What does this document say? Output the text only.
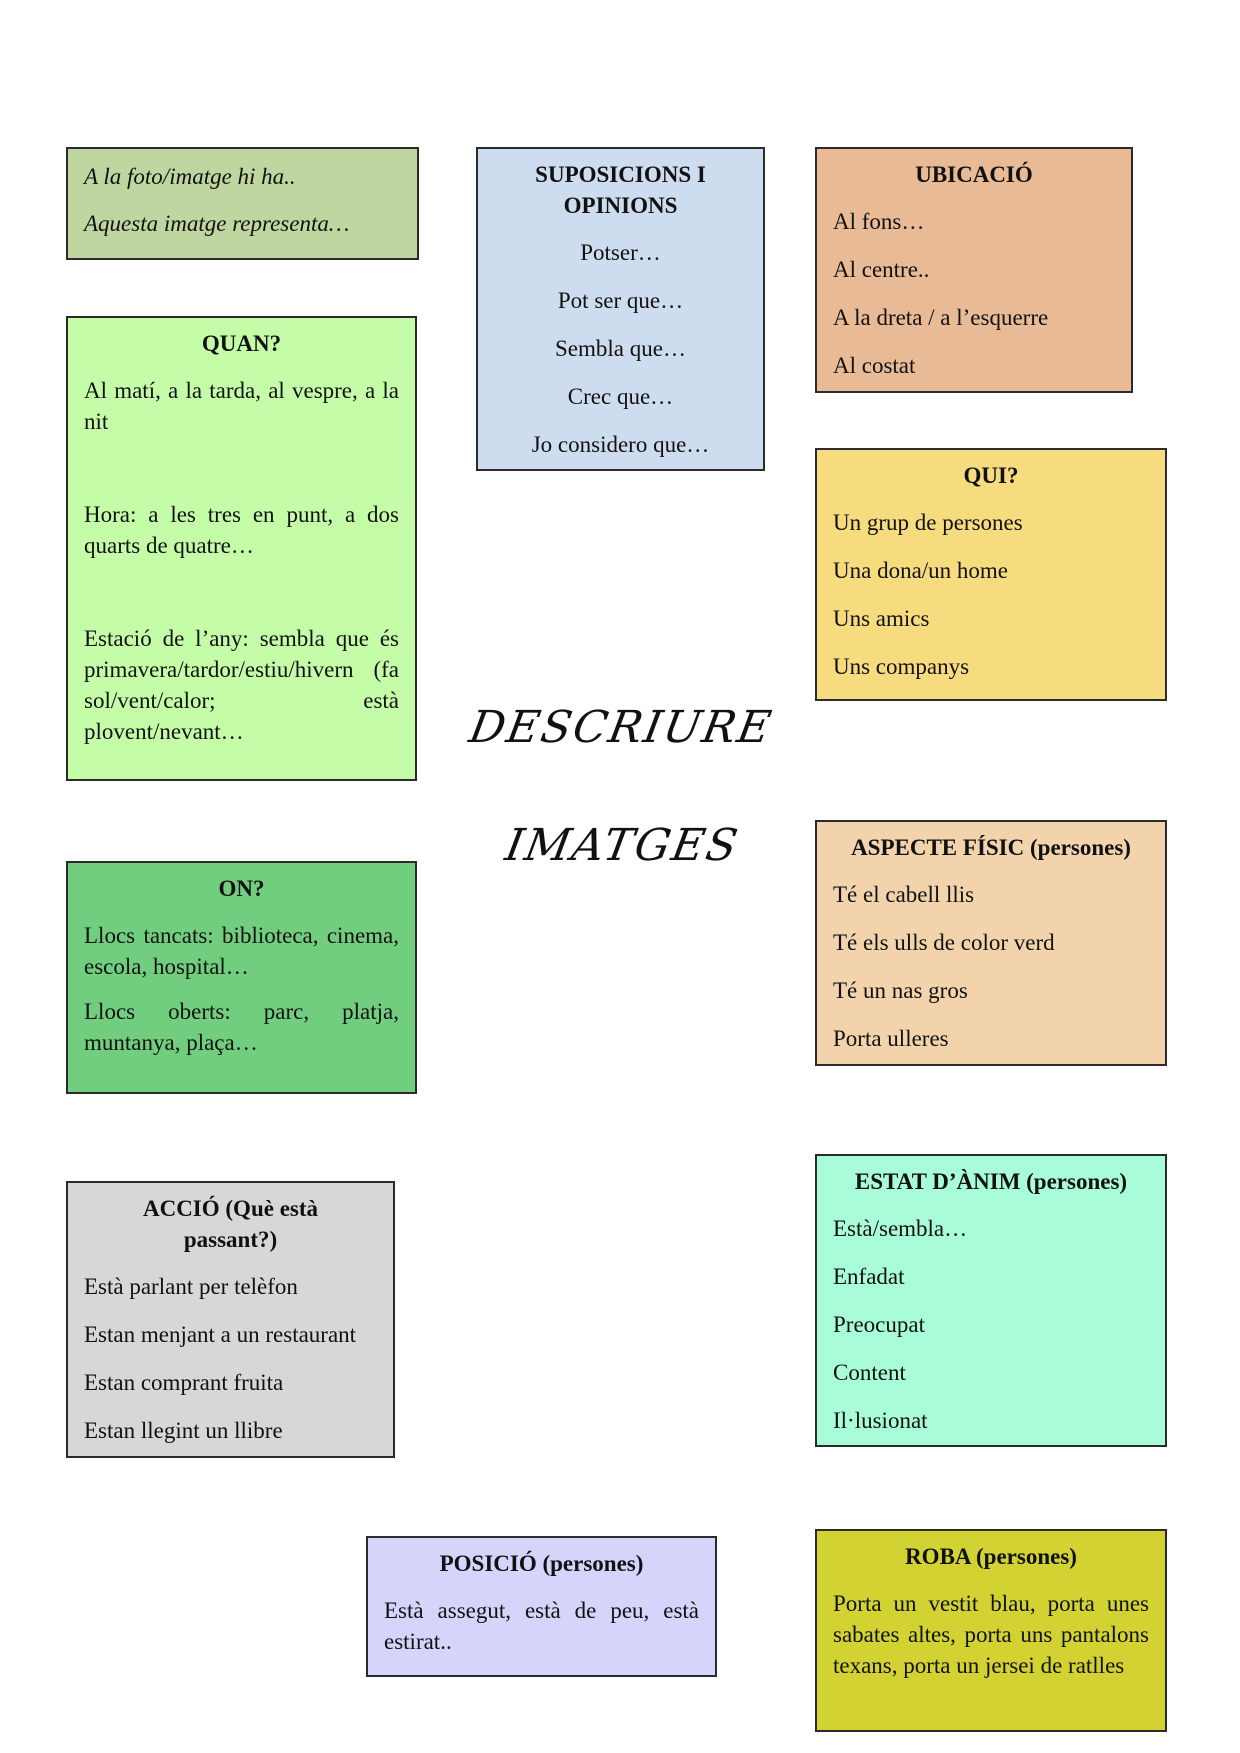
A la foto/imatge hi ha..

Aquesta imatge representa…

SUPOSICIONS I OPINIONS

Potser…

Pot ser que…

Sembla que…

Crec que…

Jo considero que…

UBICACIÓ

Al fons…

Al centre..

A la dreta / a l’esquerre

Al costat

QUAN?

Al matí, a la tarda, al vespre, a la nit

Hora: a les tres en punt, a dos quarts de quatre…

Estació de l’any: sembla que és primavera/tardor/estiu/hivern (fa sol/vent/calor; està plovent/nevant…	DESCRIURE
IMATGES

QUI?

Un grup de persones

Una dona/un home

Uns amics

Uns companys

ON?

Llocs tancats: biblioteca, cinema, escola, hospital…

Llocs oberts: parc, platja, muntanya, plaça…

ASPECTE FÍSIC (persones)

Té el cabell llis

Té els ulls de color verd

Té un nas gros

Porta ulleres

ACCIÓ (Què està passant?)

Està parlant per telèfon

Estan menjant a un restaurant

Estan comprant fruita

Estan llegint un llibre

ESTAT D’ÀNIM (persones)

Està/sembla…

Enfadat

Preocupat

Content

Il·lusionat

POSICIÓ (persones)

Està assegut, està de peu, està estirat..

ROBA (persones)

Porta un vestit blau, porta unes sabates altes, porta uns pantalons texans, porta un jersei de ratlles
